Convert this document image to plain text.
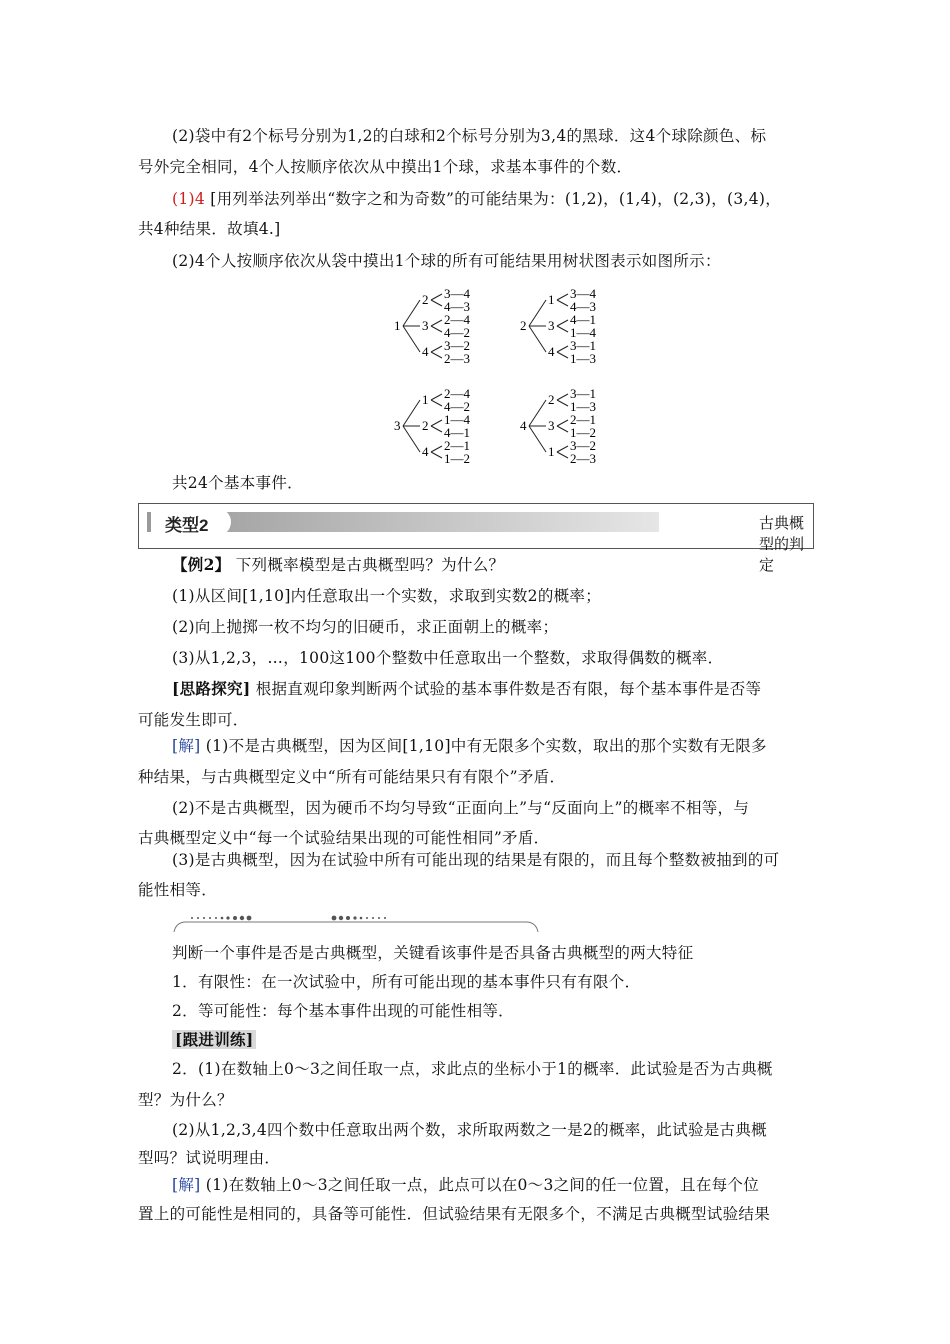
(2)袋中有2个标号分别为1,2的白球和2个标号分别为3,4的黑球．这4个球除颜色、标
号外完全相同，4个人按顺序依次从中摸出1个球，求基本事件的个数．
(1)4 [用列举法列举出“数字之和为奇数”的可能结果为：(1,2)，(1,4)，(2,3)，(3,4)，
共4种结果．故填4.]
(2)4个人按顺序依次从袋中摸出1个球的所有可能结果用树状图表示如图所示：
1
2 3—4
4—3
3 2—4
4—2
4 3—2
2—3
2
1 3—4
4—3
3 4—1
1—4
4 3—1
1—3
3
1 2—4
4—2
2 1—4
4—1
4 2—1
1—2
4
2 3—1
1—3
3 2—1
1—2
1 3—2
2—3
共24个基本事件．
类型2	古典概型的判定
【例2】 下列概率模型是古典概型吗？为什么？
(1)从区间[1,10]内任意取出一个实数，求取到实数2的概率；
(2)向上抛掷一枚不均匀的旧硬币，求正面朝上的概率；
(3)从1,2,3，…，100这100个整数中任意取出一个整数，求取得偶数的概率．
[思路探究] 根据直观印象判断两个试验的基本事件数是否有限，每个基本事件是否等
可能发生即可．
[解] (1)不是古典概型，因为区间[1,10]中有无限多个实数，取出的那个实数有无限多
种结果，与古典概型定义中“所有可能结果只有有限个”矛盾．
(2)不是古典概型，因为硬币不均匀导致“正面向上”与“反面向上”的概率不相等，与
古典概型定义中“每一个试验结果出现的可能性相同”矛盾．
(3)是古典概型，因为在试验中所有可能出现的结果是有限的，而且每个整数被抽到的可
能性相等．
判断一个事件是否是古典概型，关键看该事件是否具备古典概型的两大特征
1．有限性：在一次试验中，所有可能出现的基本事件只有有限个．
2．等可能性：每个基本事件出现的可能性相等．
[跟进训练]
2．(1)在数轴上0～3之间任取一点，求此点的坐标小于1的概率．此试验是否为古典概
型？为什么？
(2)从1,2,3,4四个数中任意取出两个数，求所取两数之一是2的概率，此试验是古典概
型吗？试说明理由．
[解] (1)在数轴上0～3之间任取一点，此点可以在0～3之间的任一位置，且在每个位
置上的可能性是相同的，具备等可能性．但试验结果有无限多个，不满足古典概型试验结果
